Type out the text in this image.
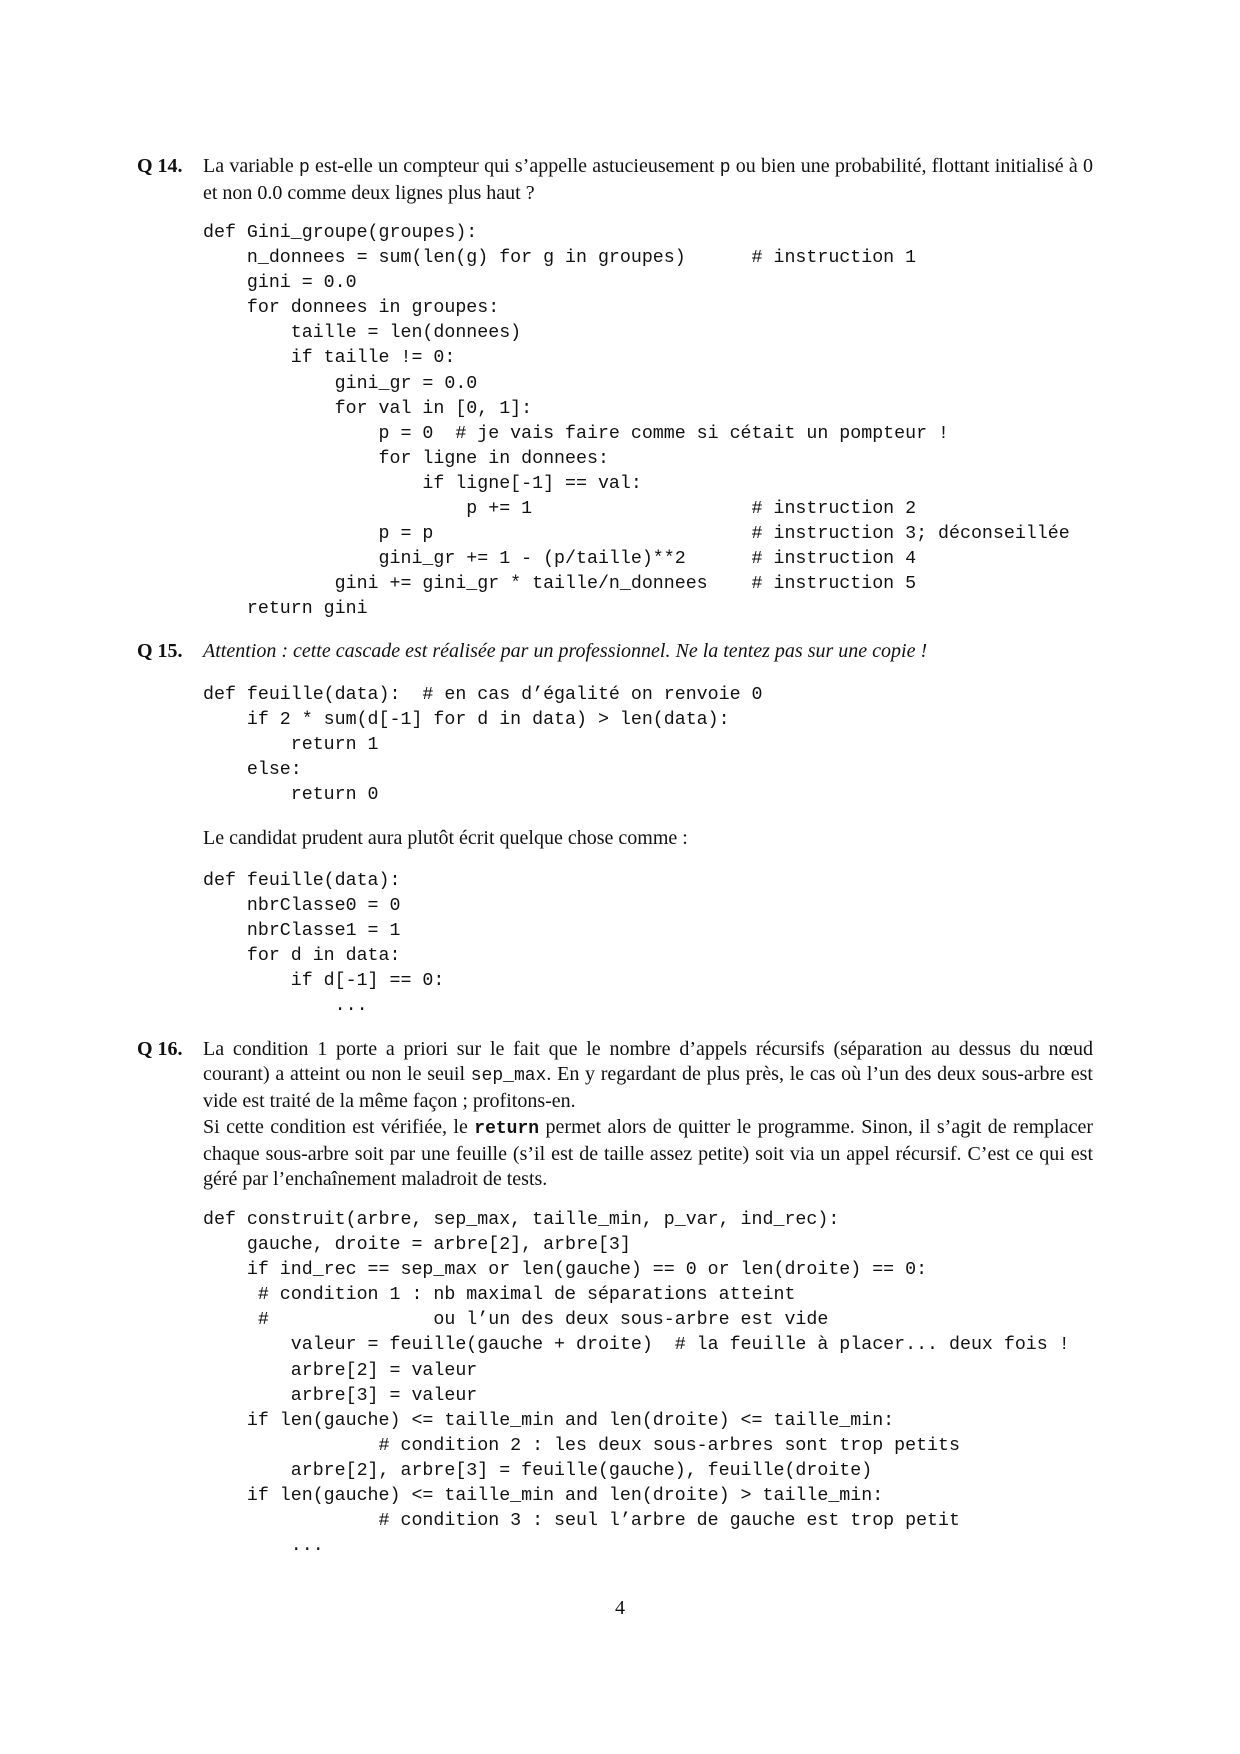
Q 14. La variable p est-elle un compteur qui s’appelle astucieusement p ou bien une probabilité, flottant initialisé à 0 et non 0.0 comme deux lignes plus haut ?
def Gini_groupe(groupes):
n_donnees = sum(len(g) for g in groupes)      # instruction 1
gini = 0.0
for donnees in groupes:
taille = len(donnees)
if taille != 0:
gini_gr = 0.0
for val in [0, 1]:
p = 0  # je vais faire comme si cétait un pompteur !
for ligne in donnees:
if ligne[-1] == val:
p += 1                    # instruction 2
p = p                             # instruction 3; déconseillée
gini_gr += 1 - (p/taille)**2      # instruction 4
gini += gini_gr * taille/n_donnees    # instruction 5
return gini
Q 15. Attention : cette cascade est réalisée par un professionnel. Ne la tentez pas sur une copie !
def feuille(data):  # en cas d’égalité on renvoie 0
if 2 * sum(d[-1] for d in data) > len(data):
return 1
else:
return 0
Le candidat prudent aura plutôt écrit quelque chose comme :
def feuille(data):
nbrClasse0 = 0
nbrClasse1 = 1
for d in data:
if d[-1] == 0:
...
Q 16. La condition 1 porte a priori sur le fait que le nombre d’appels récursifs (séparation au dessus du nœud courant) a atteint ou non le seuil sep_max. En y regardant de plus près, le cas où l’un des deux sous-arbre est vide est traité de la même façon ; profitons-en.
Si cette condition est vérifiée, le return permet alors de quitter le programme. Sinon, il s’agit de remplacer chaque sous-arbre soit par une feuille (s’il est de taille assez petite) soit via un appel récursif. C’est ce qui est géré par l’enchaînement maladroit de tests.
def construit(arbre, sep_max, taille_min, p_var, ind_rec):
gauche, droite = arbre[2], arbre[3]
if ind_rec == sep_max or len(gauche) == 0 or len(droite) == 0:
# condition 1 : nb maximal de séparations atteint
#               ou l’un des deux sous-arbre est vide
valeur = feuille(gauche + droite)  # la feuille à placer... deux fois !
arbre[2] = valeur
arbre[3] = valeur
if len(gauche) <= taille_min and len(droite) <= taille_min:
# condition 2 : les deux sous-arbres sont trop petits
arbre[2], arbre[3] = feuille(gauche), feuille(droite)
if len(gauche) <= taille_min and len(droite) > taille_min:
# condition 3 : seul l’arbre de gauche est trop petit
...
4
